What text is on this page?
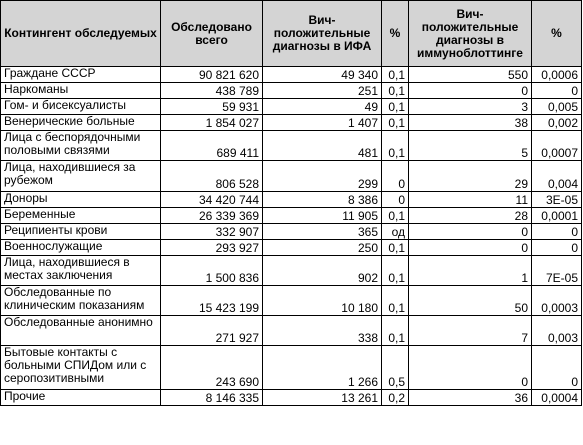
Контингент обследуемых	Обследовано всего	Вич-положительные диагнозы в ИФА	%	Вич-положительные диагнозы в иммуноблоттинге	%
Граждане СССР	90 821 620	49 340	0,1	550	0,0006
Наркоманы	438 789	251	0,1	0	0
Гом- и бисексуалисты	59 931	49	0,1	3	0,005
Венерические больные	1 854 027	1 407	0,1	38	0,002
Лица с беспорядочными половыми связями	689 411	481	0,1	5	0,0007
Лица, находившиеся за рубежом	806 528	299	0	29	0,004
Доноры	34 420 744	8 386	0	11	3E-05
Беременные	26 339 369	11 905	0,1	28	0,0001
Реципиенты крови	332 907	365	од	0	0
Военнослужащие	293 927	250	0,1	0	0
Лица, находившиеся в местах заключения	1 500 836	902	0,1	1	7E-05
Обследованные по клиническим показаниям	15 423 199	10 180	0,1	50	0,0003
Обследованные анонимно	271 927	338	0,1	7	0,003
Бытовые контакты с больными СПИДом или с серопозитивными	243 690	1 266	0,5	0	0
Прочие	8 146 335	13 261	0,2	36	0,0004
